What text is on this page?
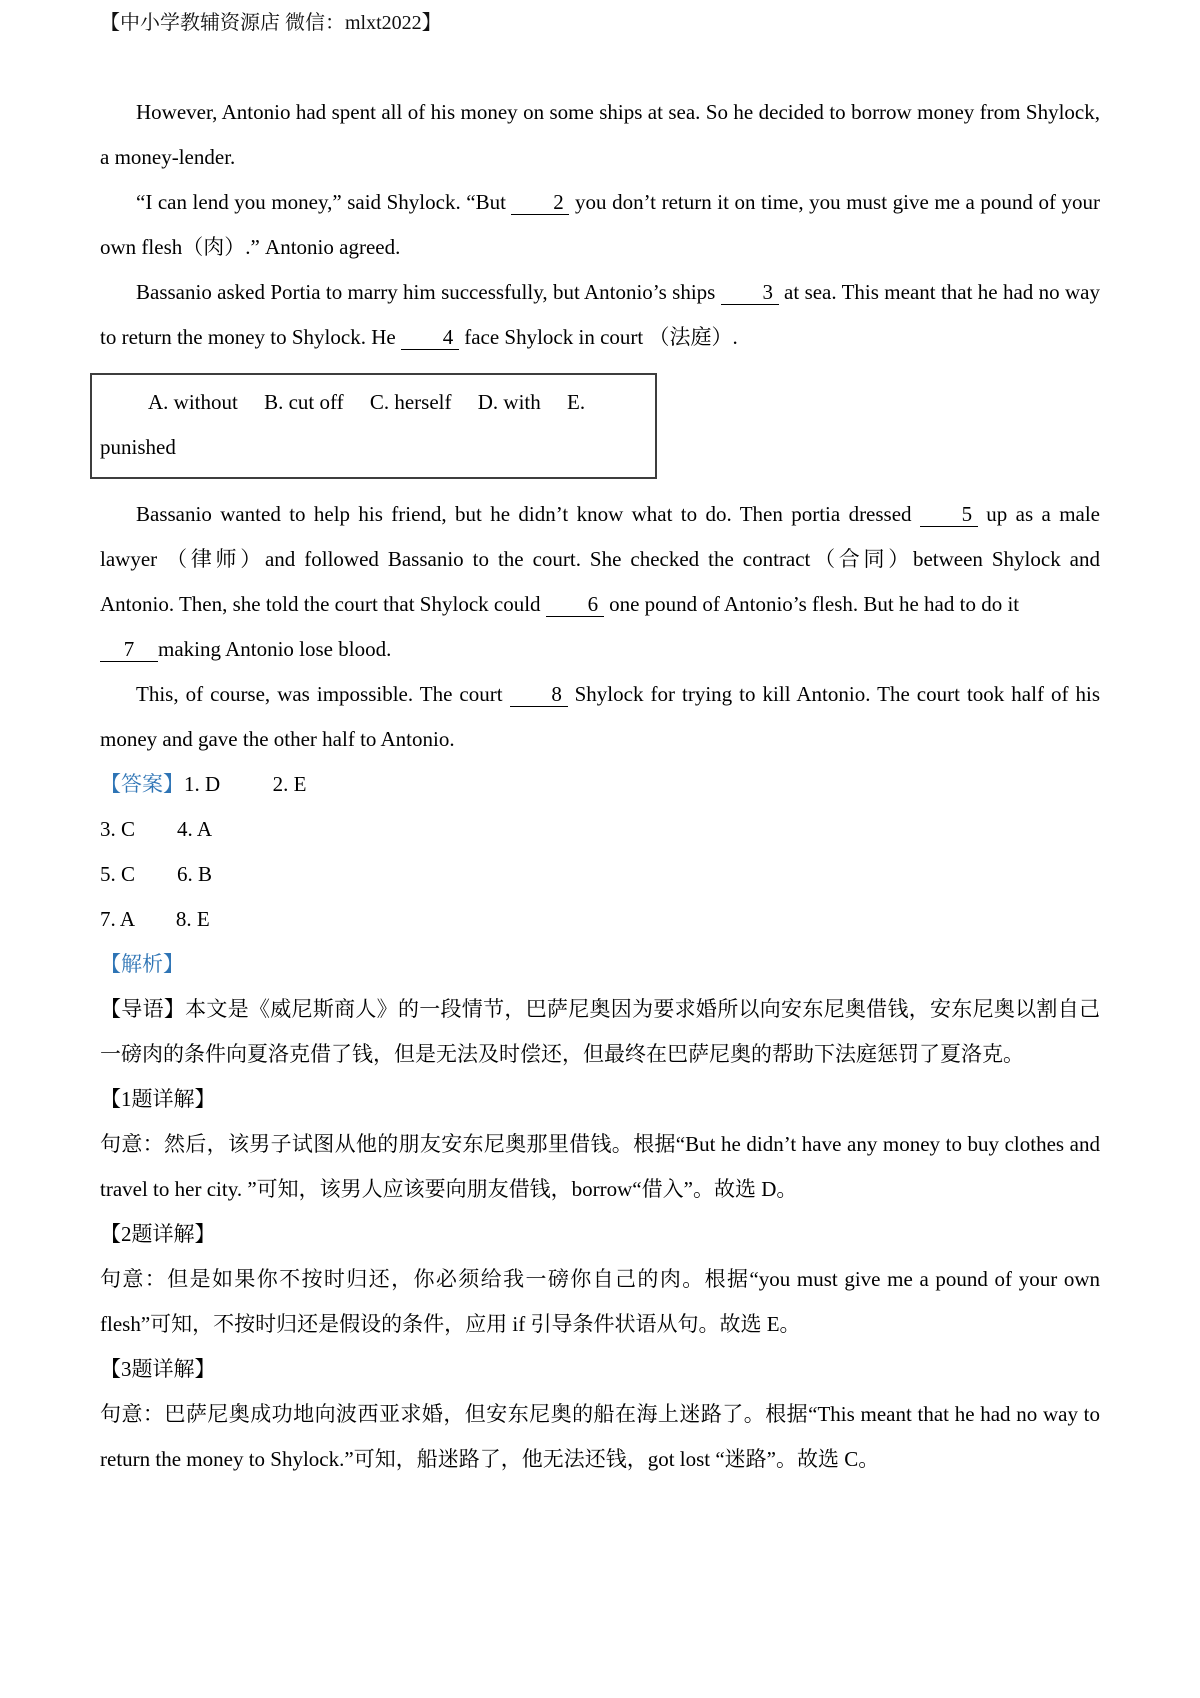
【中小学教辅资源店 微信：mlxt2022】

However, Antonio had spent all of his money on some ships at sea. So he decided to borrow money from Shylock, a money-lender.

“I can lend you money,” said Shylock. “But 2 you don’t return it on time, you must give me a pound of your own flesh（肉）.” Antonio agreed.

Bassanio asked Portia to marry him successfully, but Antonio’s ships 3 at sea. This meant that he had no way to return the money to Shylock. He 4 face Shylock in court （法庭）.

A. without     B. cut off     C. herself     D. with     E.
punished

Bassanio wanted to help his friend, but he didn’t know what to do. Then portia dressed 5 up as a male lawyer （律师）and followed Bassanio to the court. She checked the contract（合同）between Shylock and Antonio. Then, she told the court that Shylock could 6 one pound of Antonio’s flesh. But he had to do it

7 making Antonio lose blood.

This, of course, was impossible. The court 8 Shylock for trying to kill Antonio. The court took half of his money and gave the other half to Antonio.

【答案】1. D          2. E

3. C        4. A

5. C        6. B

7. A        8. E

【解析】

【导语】本文是《威尼斯商人》的一段情节，巴萨尼奥因为要求婚所以向安东尼奥借钱，安东尼奥以割自己一磅肉的条件向夏洛克借了钱，但是无法及时偿还，但最终在巴萨尼奥的帮助下法庭惩罚了夏洛克。

【1题详解】

句意：然后，该男子试图从他的朋友安东尼奥那里借钱。根据“But he didn’t have any money to buy clothes and travel to her city. ”可知，该男人应该要向朋友借钱，borrow“借入”。故选 D。

【2题详解】

句意：但是如果你不按时归还，你必须给我一磅你自己的肉。根据“you must give me a pound of your own flesh”可知，不按时归还是假设的条件，应用 if 引导条件状语从句。故选 E。

【3题详解】

句意：巴萨尼奥成功地向波西亚求婚，但安东尼奥的船在海上迷路了。根据“This meant that he had no way to return the money to Shylock.”可知，船迷路了，他无法还钱，got lost “迷路”。故选 C。
